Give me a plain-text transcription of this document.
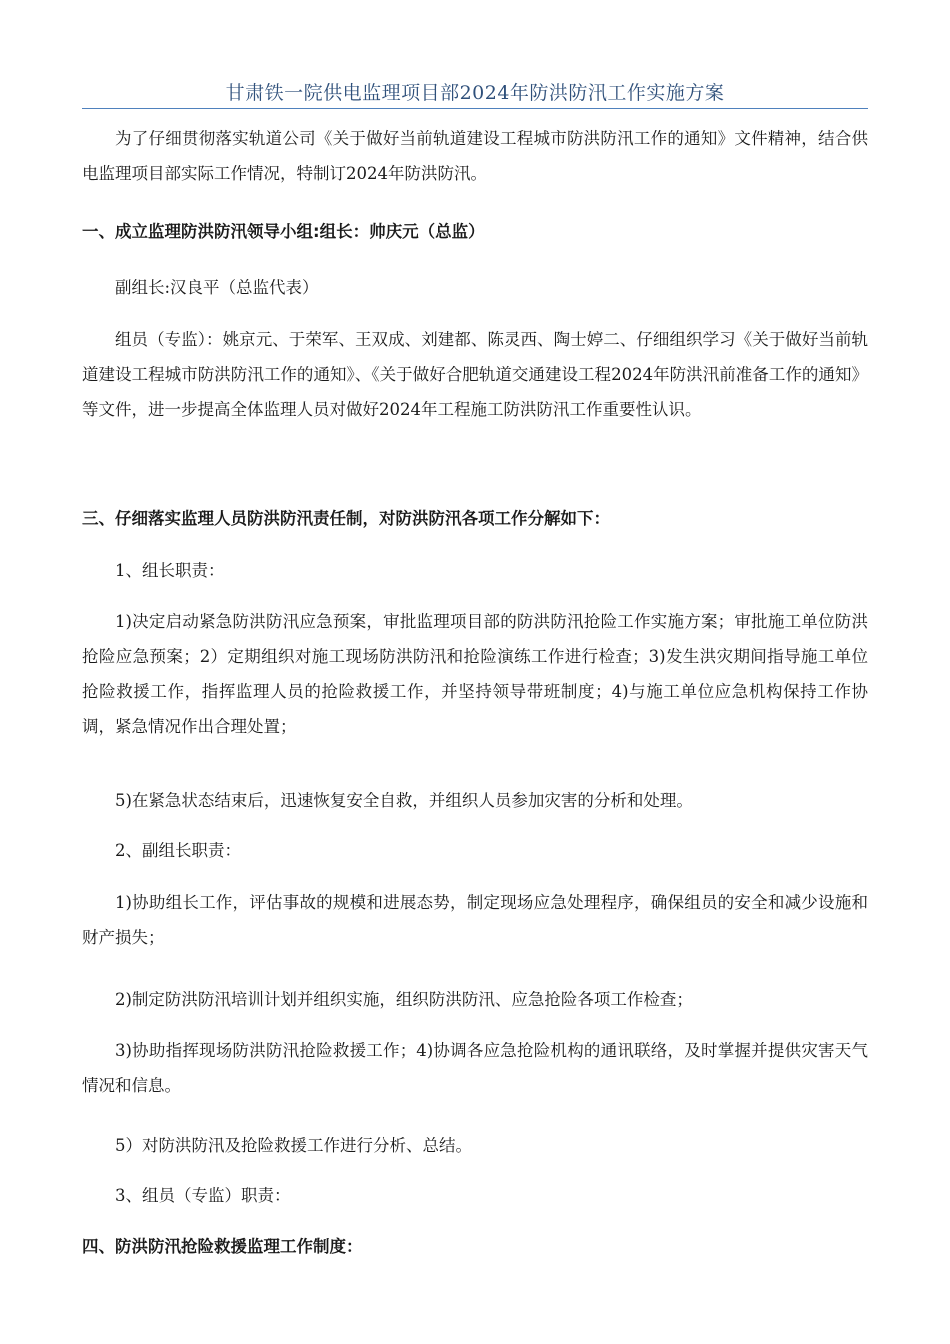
甘肃铁一院供电监理项目部2024年防洪防汛工作实施方案
为了仔细贯彻落实轨道公司《关于做好当前轨道建设工程城市防洪防汛工作的通知》文件精神，结合供电监理项目部实际工作情况，特制订2024年防洪防汛。
一、成立监理防洪防汛领导小组:组长：帅庆元（总监）
副组长:汉良平（总监代表）
组员（专监）：姚京元、于荣军、王双成、刘建都、陈灵西、陶士婷二、仔细组织学习《关于做好当前轨道建设工程城市防洪防汛工作的通知》、《关于做好合肥轨道交通建设工程2024年防洪汛前准备工作的通知》等文件，进一步提高全体监理人员对做好2024年工程施工防洪防汛工作重要性认识。
三、仔细落实监理人员防洪防汛责任制，对防洪防汛各项工作分解如下：
1、组长职责：
1)决定启动紧急防洪防汛应急预案，审批监理项目部的防洪防汛抢险工作实施方案；审批施工单位防洪抢险应急预案；2）定期组织对施工现场防洪防汛和抢险演练工作进行检查；3)发生洪灾期间指导施工单位抢险救援工作，指挥监理人员的抢险救援工作，并坚持领导带班制度；4)与施工单位应急机构保持工作协调，紧急情况作出合理处置；
5)在紧急状态结束后，迅速恢复安全自救，并组织人员参加灾害的分析和处理。
2、副组长职责：
1)协助组长工作，评估事故的规模和进展态势，制定现场应急处理程序，确保组员的安全和减少设施和财产损失；
2)制定防洪防汛培训计划并组织实施，组织防洪防汛、应急抢险各项工作检查；
3)协助指挥现场防洪防汛抢险救援工作；4)协调各应急抢险机构的通讯联络，及时掌握并提供灾害天气情况和信息。
5）对防洪防汛及抢险救援工作进行分析、总结。
3、组员（专监）职责：
四、防洪防汛抢险救援监理工作制度：
